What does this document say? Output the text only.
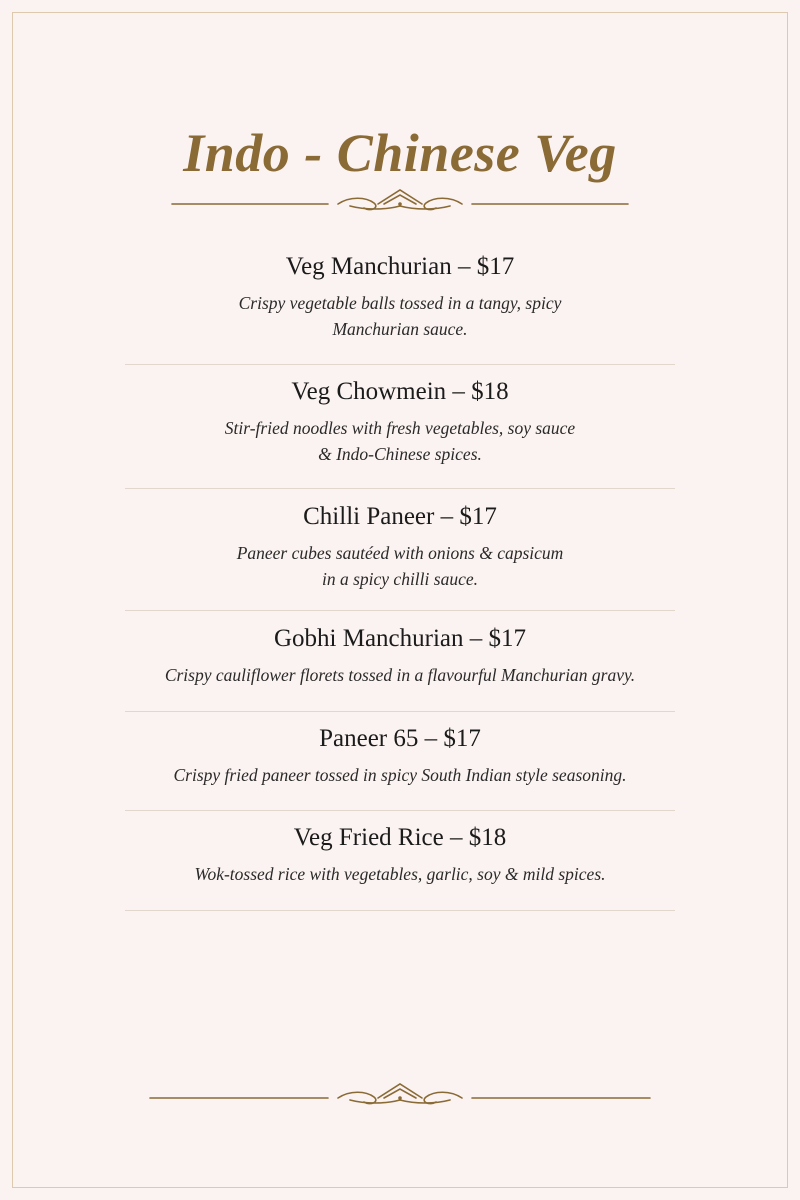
Indo - Chinese Veg
Veg Manchurian – $17
Crispy vegetable balls tossed in a tangy, spicy
Manchurian sauce.
Veg Chowmein – $18
Stir-fried noodles with fresh vegetables, soy sauce
& Indo-Chinese spices.
Chilli Paneer – $17
Paneer cubes sautéed with onions & capsicum
in a spicy chilli sauce.
Gobhi Manchurian – $17
Crispy cauliflower florets tossed in a flavourful Manchurian gravy.
Paneer 65 – $17
Crispy fried paneer tossed in spicy South Indian style seasoning.
Veg Fried Rice – $18
Wok-tossed rice with vegetables, garlic, soy & mild spices.
